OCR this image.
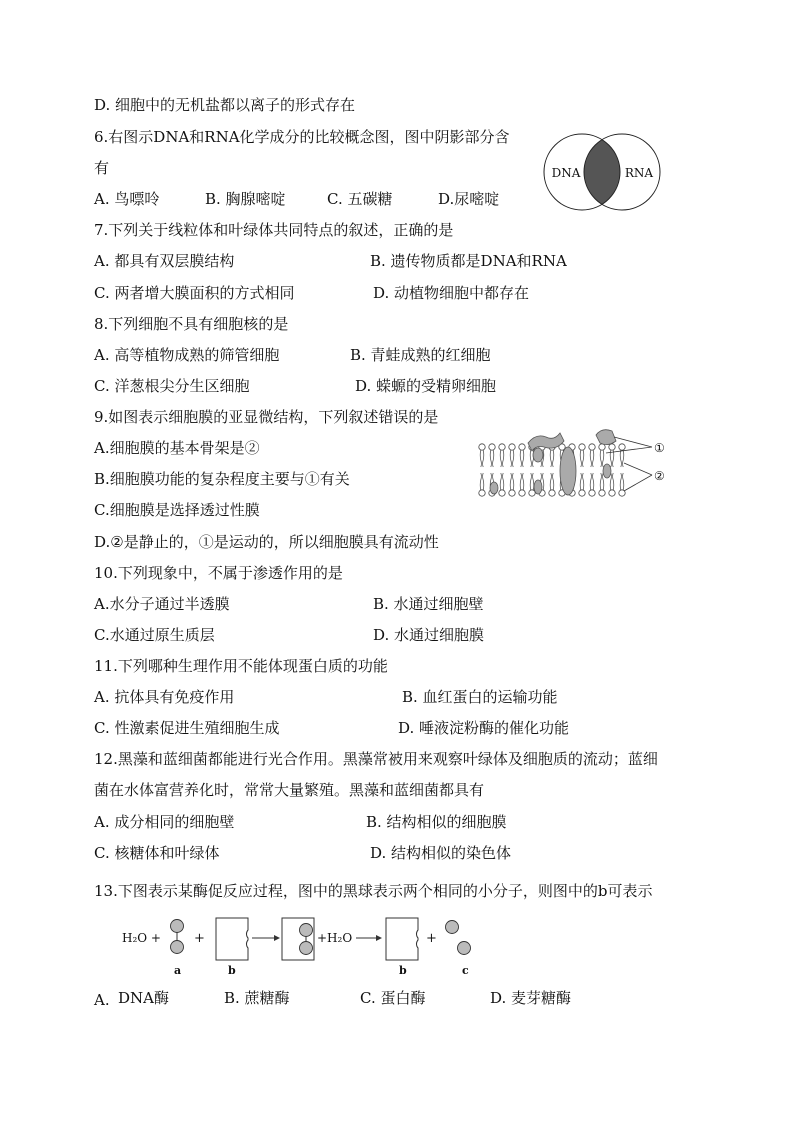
D. 细胞中的无机盐都以离子的形式存在
6.右图示DNA和RNA化学成分的比较概念图，图中阴影部分含
有
A. 鸟嘌呤	B. 胸腺嘧啶	C. 五碳糖	D.尿嘧啶
DNA	RNA
7.下列关于线粒体和叶绿体共同特点的叙述，正确的是
A. 都具有双层膜结构	B. 遗传物质都是DNA和RNA
C. 两者增大膜面积的方式相同	D. 动植物细胞中都存在
8.下列细胞不具有细胞核的是
A. 高等植物成熟的筛管细胞	B. 青蛙成熟的红细胞
C. 洋葱根尖分生区细胞	D. 蝾螈的受精卵细胞
9.如图表示细胞膜的亚显微结构，下列叙述错误的是
A.细胞膜的基本骨架是②
B.细胞膜功能的复杂程度主要与①有关
C.细胞膜是选择透过性膜
D.②是静止的，①是运动的，所以细胞膜具有流动性
①
②
10.下列现象中，不属于渗透作用的是
A.水分子通过半透膜	B. 水通过细胞壁
C.水通过原生质层	D. 水通过细胞膜
11.下列哪种生理作用不能体现蛋白质的功能
A. 抗体具有免疫作用	B. 血红蛋白的运输功能
C. 性激素促进生殖细胞生成	D. 唾液淀粉酶的催化功能
12.黑藻和蓝细菌都能进行光合作用。黑藻常被用来观察叶绿体及细胞质的流动；蓝细
菌在水体富营养化时，常常大量繁殖。黑藻和蓝细菌都具有
A. 成分相同的细胞壁	B. 结构相似的细胞膜
C. 核糖体和叶绿体	D. 结构相似的染色体
13.下图表示某酶促反应过程，图中的黑球表示两个相同的小分子，则图中的b可表示
H₂O +
a
+
b
+H₂O
b
+
c
A. DNA酶	B. 蔗糖酶	C. 蛋白酶	D. 麦芽糖酶
